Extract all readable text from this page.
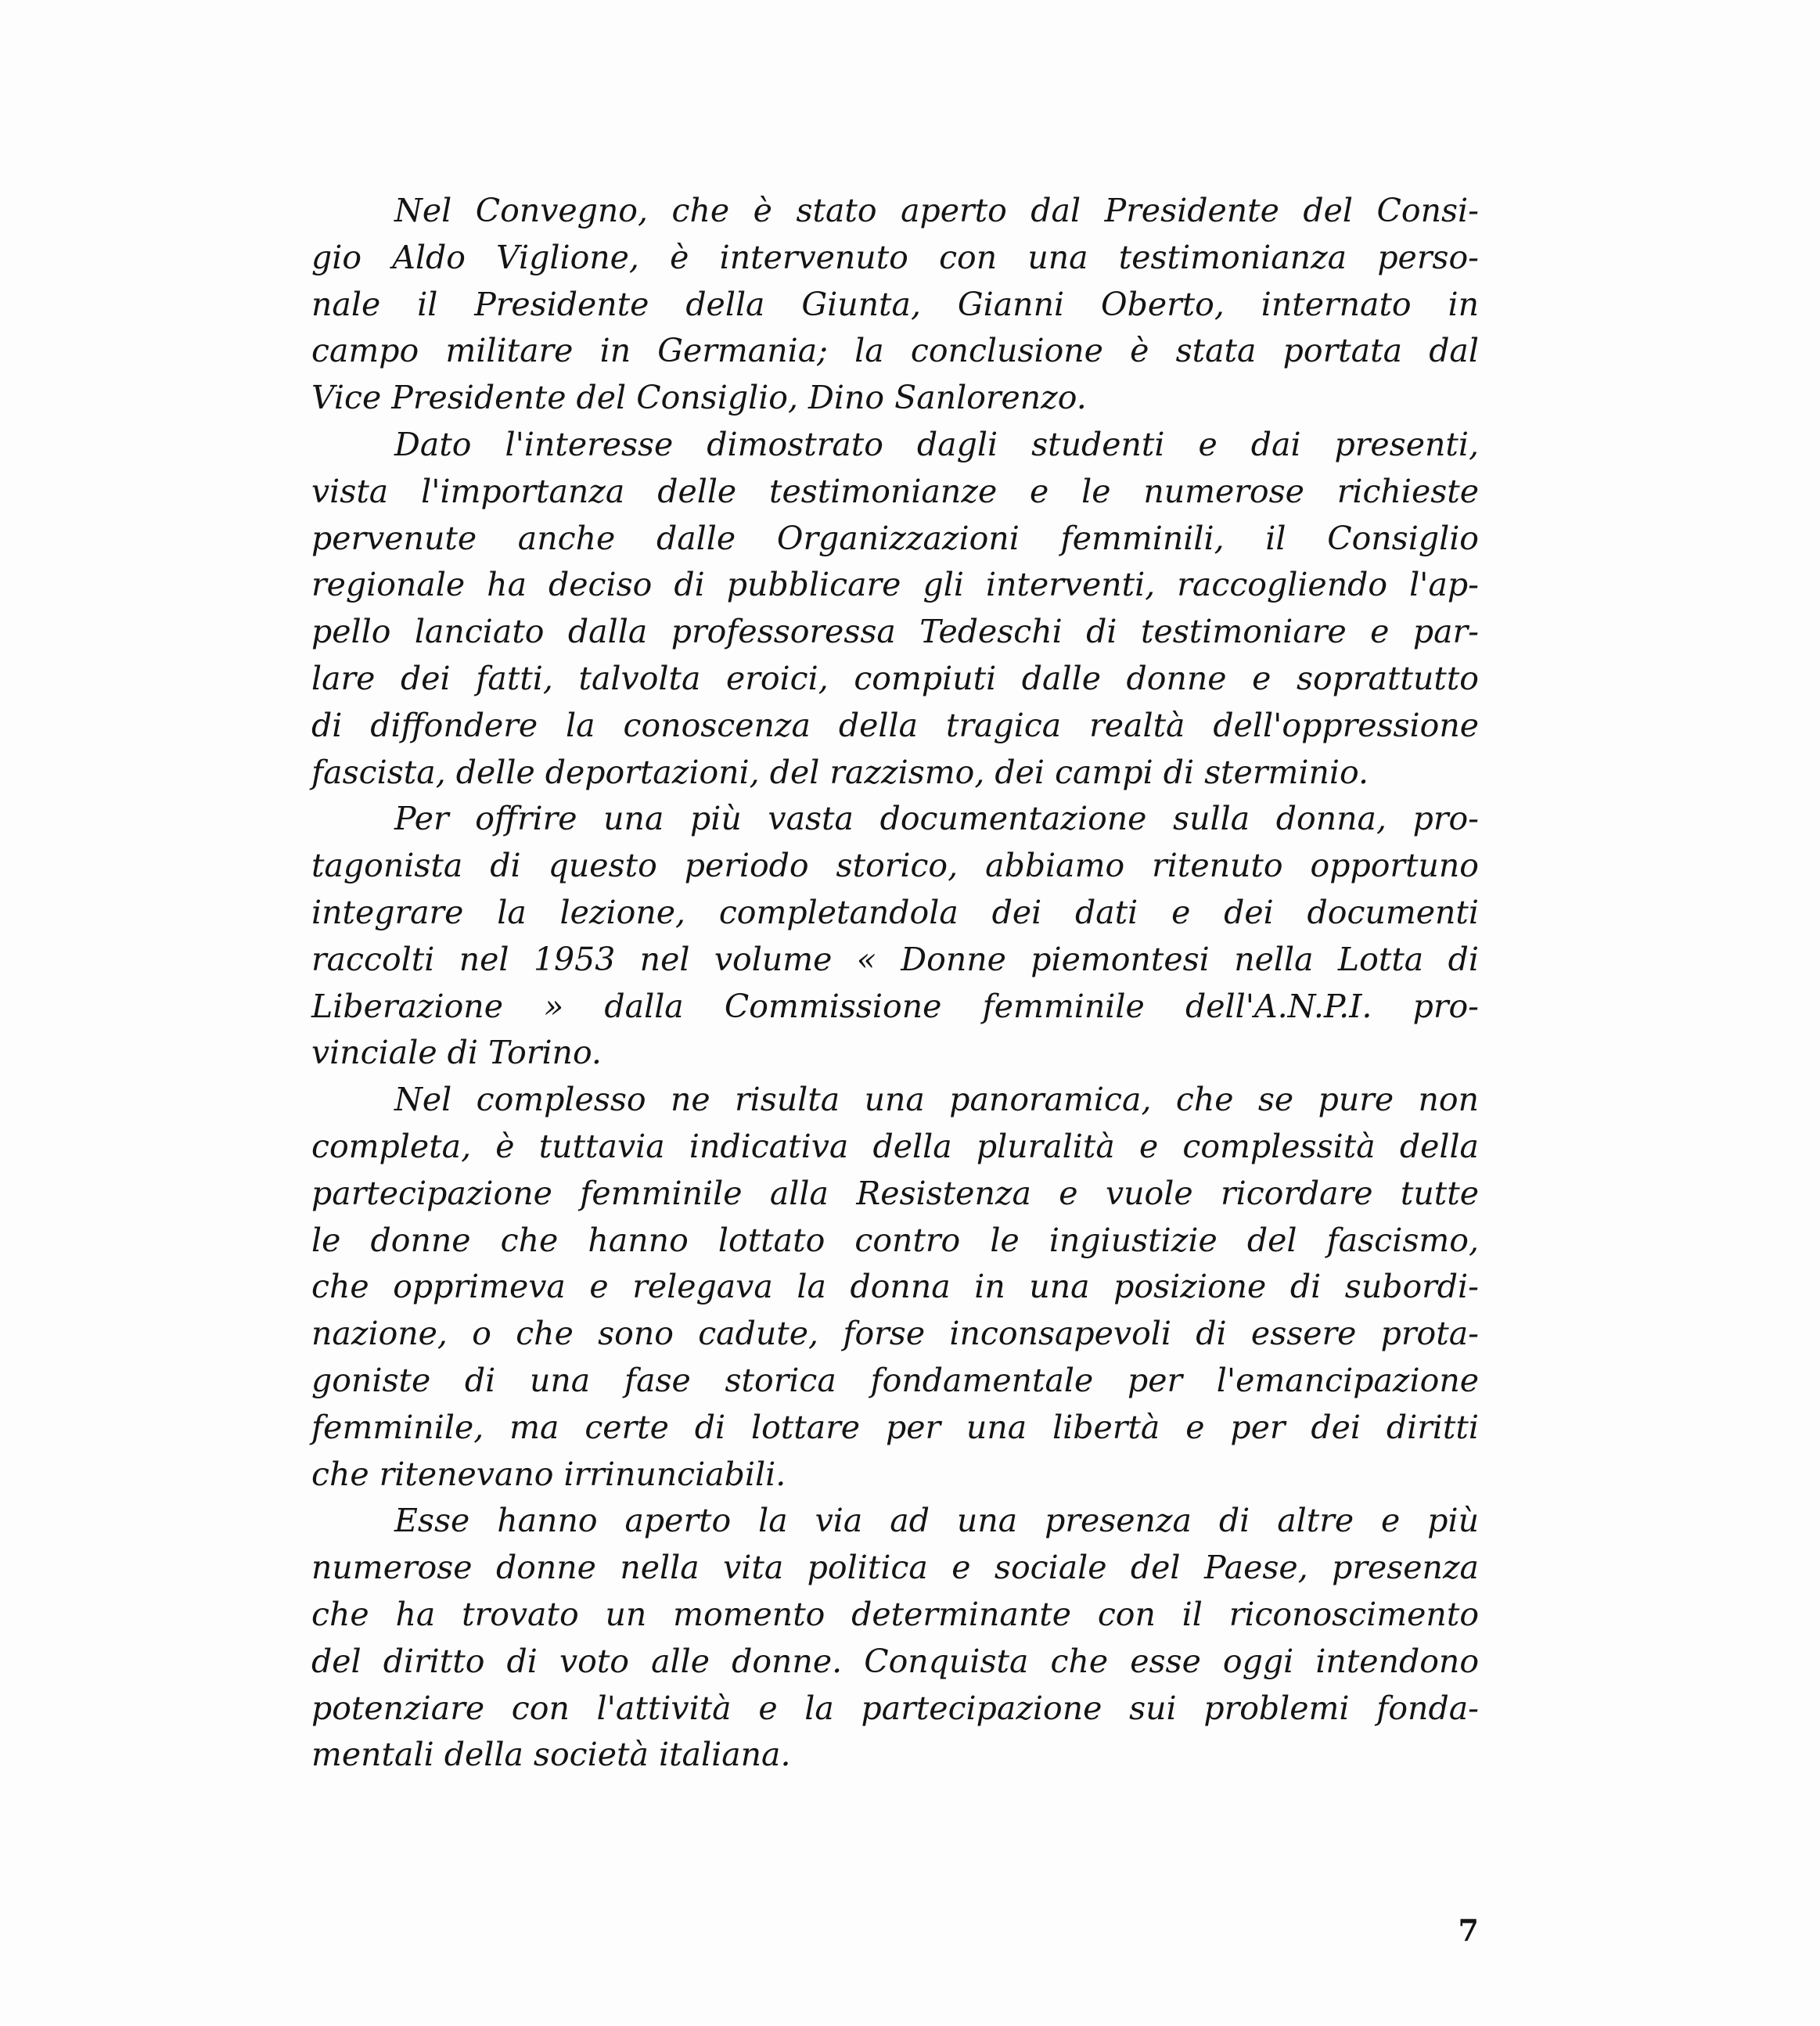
Nel Convegno, che è stato aperto dal Presidente del Consi-
gio Aldo Viglione, è intervenuto con una testimonianza perso-
nale il Presidente della Giunta, Gianni Oberto, internato in
campo militare in Germania; la conclusione è stata portata dal
Vice Presidente del Consiglio, Dino Sanlorenzo.
Dato l'interesse dimostrato dagli studenti e dai presenti,
vista l'importanza delle testimonianze e le numerose richieste
pervenute anche dalle Organizzazioni femminili, il Consiglio
regionale ha deciso di pubblicare gli interventi, raccogliendo l'ap-
pello lanciato dalla professoressa Tedeschi di testimoniare e par-
lare dei fatti, talvolta eroici, compiuti dalle donne e soprattutto
di diffondere la conoscenza della tragica realtà dell'oppressione
fascista, delle deportazioni, del razzismo, dei campi di sterminio.
Per offrire una più vasta documentazione sulla donna, pro-
tagonista di questo periodo storico, abbiamo ritenuto opportuno
integrare la lezione, completandola dei dati e dei documenti
raccolti nel 1953 nel volume « Donne piemontesi nella Lotta di
Liberazione » dalla Commissione femminile dell'A.N.P.I. pro-
vinciale di Torino.
Nel complesso ne risulta una panoramica, che se pure non
completa, è tuttavia indicativa della pluralità e complessità della
partecipazione femminile alla Resistenza e vuole ricordare tutte
le donne che hanno lottato contro le ingiustizie del fascismo,
che opprimeva e relegava la donna in una posizione di subordi-
nazione, o che sono cadute, forse inconsapevoli di essere prota-
goniste di una fase storica fondamentale per l'emancipazione
femminile, ma certe di lottare per una libertà e per dei diritti
che ritenevano irrinunciabili.
Esse hanno aperto la via ad una presenza di altre e più
numerose donne nella vita politica e sociale del Paese, presenza
che ha trovato un momento determinante con il riconoscimento
del diritto di voto alle donne. Conquista che esse oggi intendono
potenziare con l'attività e la partecipazione sui problemi fonda-
mentali della società italiana.
7
